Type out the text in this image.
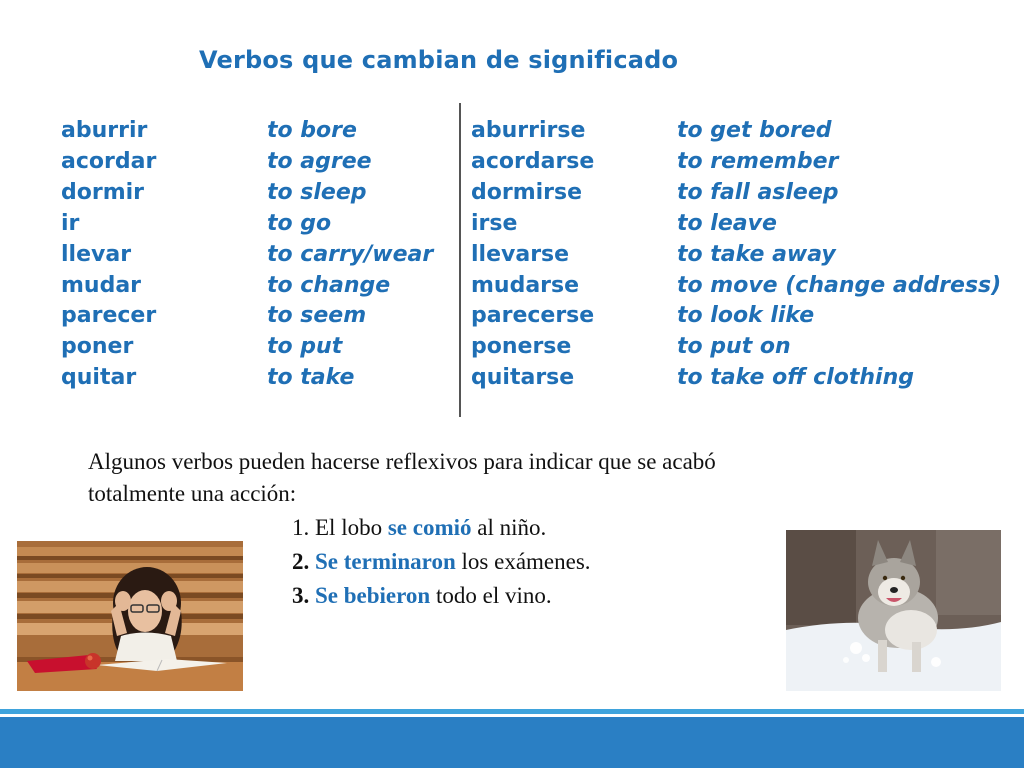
Verbos que cambian de significado
aburrir
acordar
dormir
ir
llevar
mudar
parecer
poner
quitar
to bore
to agree
to sleep
to go
to carry/wear
to change
to seem
to put
to take
aburrirse
acordarse
dormirse
irse
llevarse
mudarse
parecerse
ponerse
quitarse
to get bored
to remember
to fall asleep
to leave
to take away
to move (change address)
to look like
to put on
to take off clothing
Algunos verbos pueden hacerse reflexivos para indicar que se acabó
totalmente una acción:
1. El lobo se comió al niño.
2. Se terminaron los exámenes.
3. Se bebieron todo el vino.
